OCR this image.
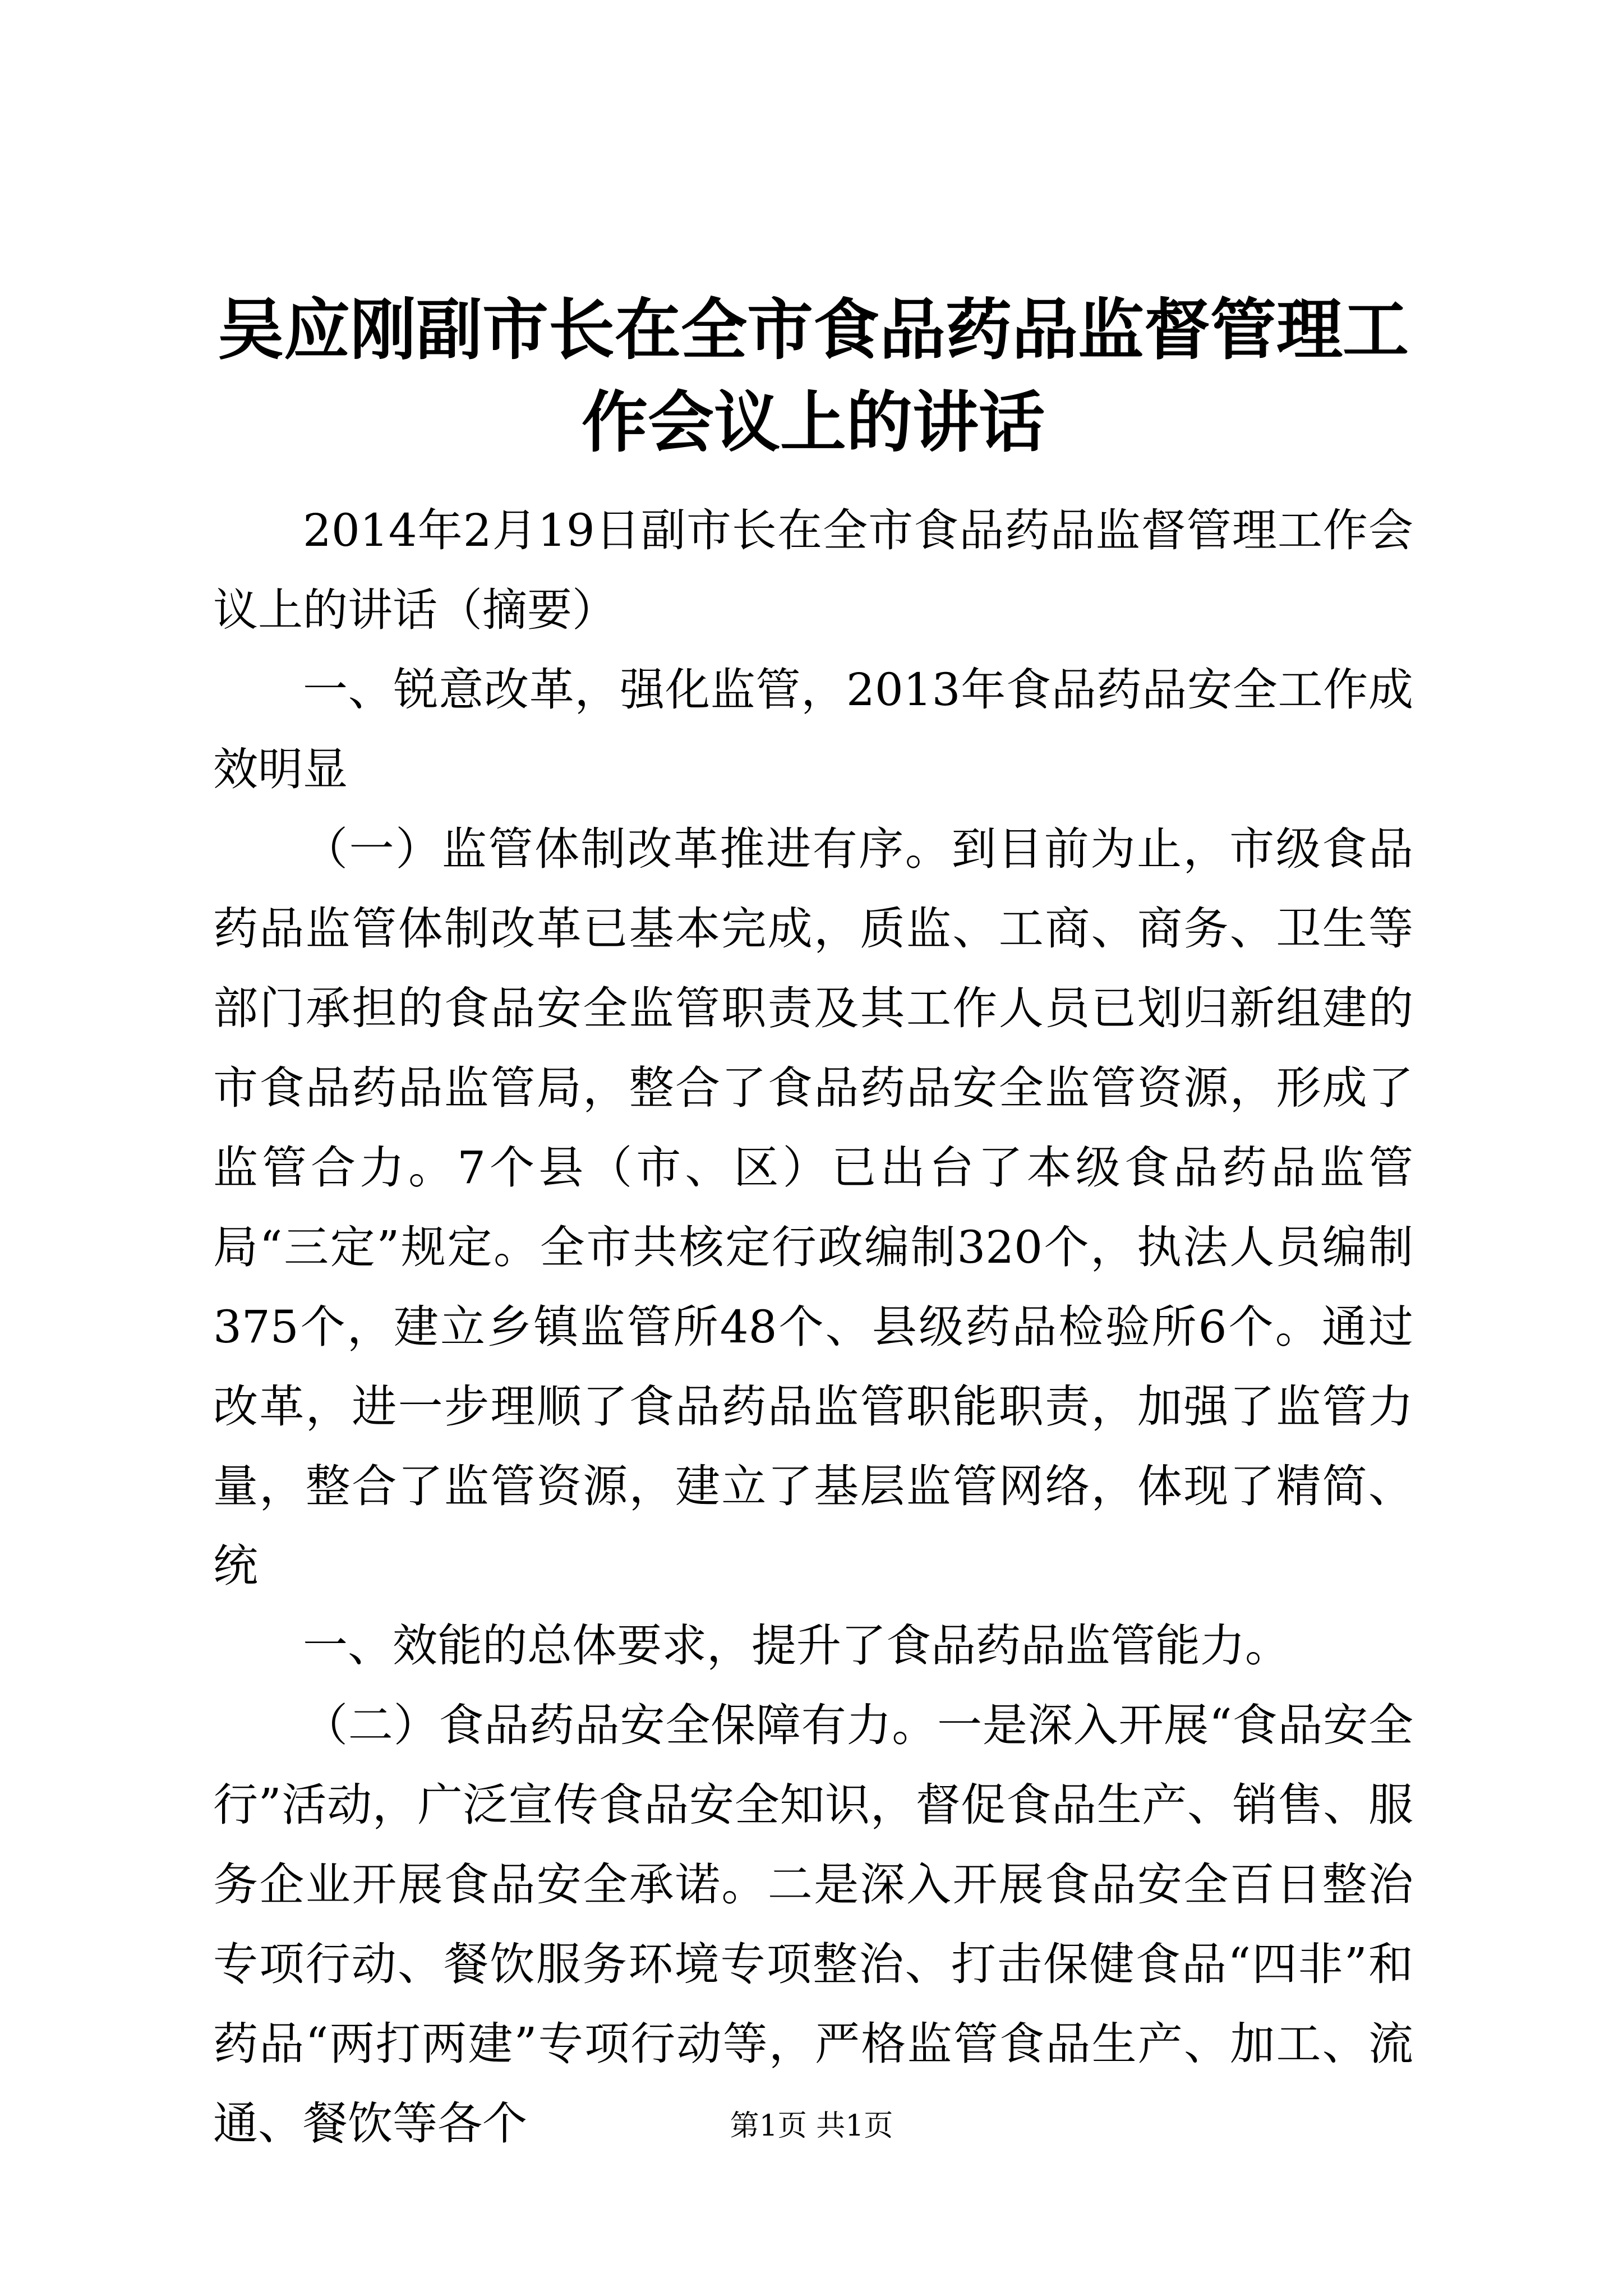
吴应刚副市长在全市食品药品监督管理工作会议上的讲话

2014年2月19日副市长在全市食品药品监督管理工作会议上的讲话（摘要）

一、锐意改革，强化监管，2013年食品药品安全工作成效明显

（一）监管体制改革推进有序。到目前为止，市级食品药品监管体制改革已基本完成，质监、工商、商务、卫生等部门承担的食品安全监管职责及其工作人员已划归新组建的市食品药品监管局，整合了食品药品安全监管资源，形成了监管合力。7个县（市、区）已出台了本级食品药品监管局“三定”规定。全市共核定行政编制320个，执法人员编制375个，建立乡镇监管所48个、县级药品检验所6个。通过改革，进一步理顺了食品药品监管职能职责，加强了监管力量，整合了监管资源，建立了基层监管网络，体现了精简、统

一、效能的总体要求，提升了食品药品监管能力。

（二）食品药品安全保障有力。一是深入开展“食品安全行”活动，广泛宣传食品安全知识，督促食品生产、销售、服务企业开展食品安全承诺。二是深入开展食品安全百日整治专项行动、餐饮服务环境专项整治、打击保健食品“四非”和药品“两打两建”专项行动等，严格监管食品生产、加工、流通、餐饮等各个	第1页 共1页
